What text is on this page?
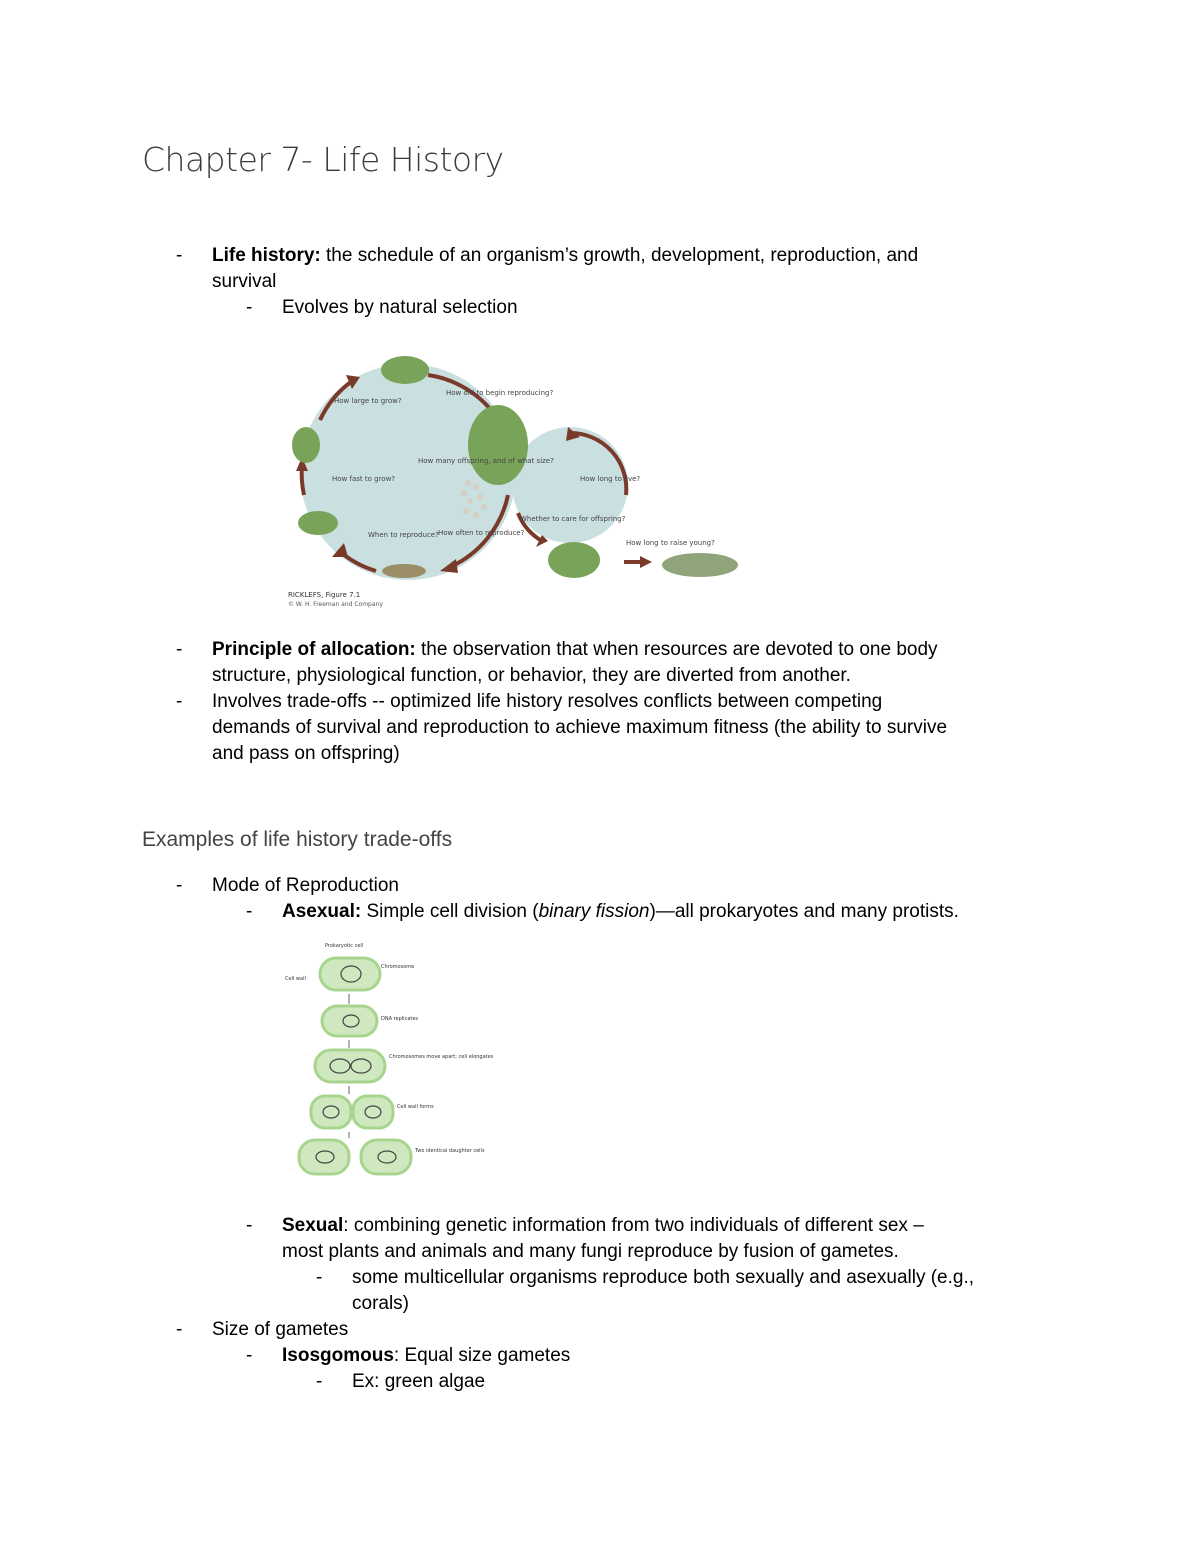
Chapter 7- Life History
- Life history: the schedule of an organism’s growth, development, reproduction, and
survival
- Evolves by natural selection
How large to grow?
How old to begin reproducing?
How many offspring, and of what size?
How fast to grow?
When to reproduce? How often to reproduce?
How long to live?
Whether to care for offspring?
How long to raise young?
RICKLEFS, Figure 7.1
© W. H. Freeman and Company
- Principle of allocation: the observation that when resources are devoted to one body
structure, physiological function, or behavior, they are diverted from another.
- Involves trade-offs -- optimized life history resolves conflicts between competing
demands of survival and reproduction to achieve maximum fitness (the ability to survive
and pass on offspring)
Examples of life history trade-offs
- Mode of Reproduction
- Asexual: Simple cell division (binary fission)—all prokaryotes and many protists.
Prokaryotic cell
Cell wall
Chromosome
DNA replicates
Chromosomes move apart; cell elongates
Cell wall forms
Two identical daughter cells
- Sexual: combining genetic information from two individuals of different sex –
most plants and animals and many fungi reproduce by fusion of gametes.
- some multicellular organisms reproduce both sexually and asexually (e.g.,
corals)
- Size of gametes
- Isosgomous: Equal size gametes
- Ex: green algae
